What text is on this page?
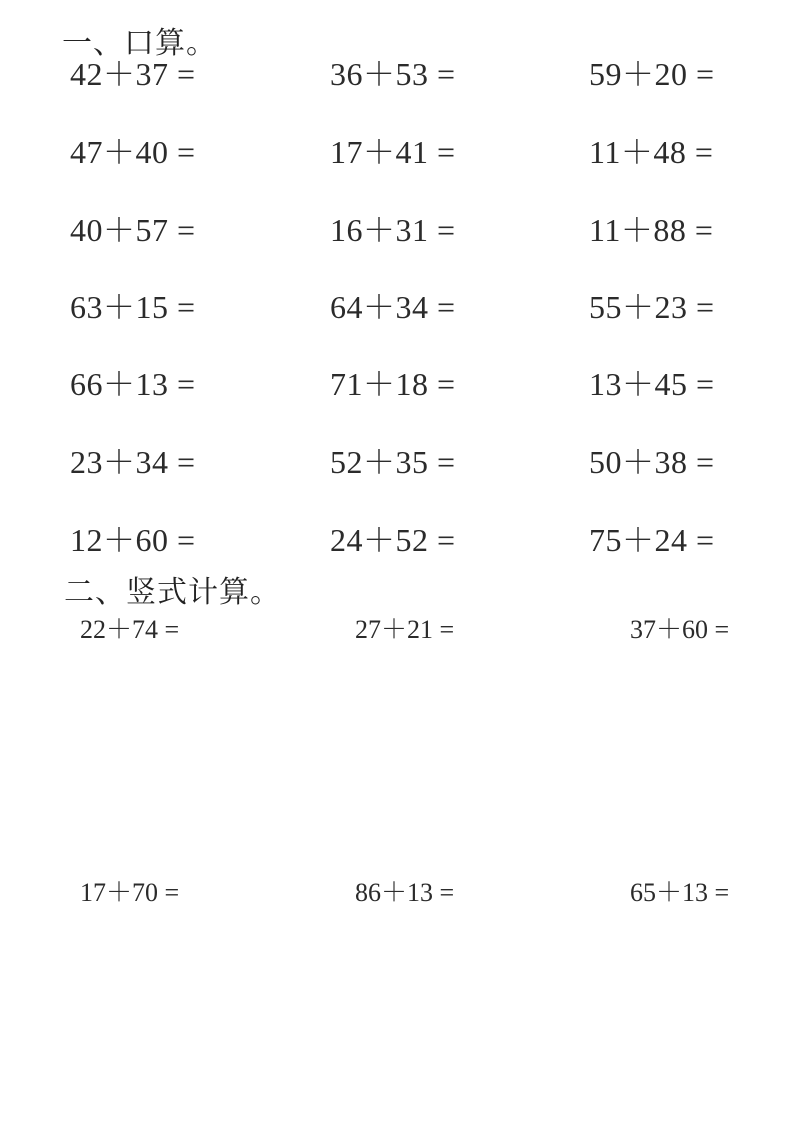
一、口算。
42＋37 =	36＋53 =	59＋20 =
47＋40 =	17＋41 =	11＋48 =
40＋57 =	16＋31 =	11＋88 =
63＋15 =	64＋34 =	55＋23 =
66＋13 =	71＋18 =	13＋45 =
23＋34 =	52＋35 =	50＋38 =
12＋60 =	24＋52 =	75＋24 =
二、竖式计算。
22＋74 =	27＋21 =	37＋60 =
17＋70 =	86＋13 =	65＋13 =
